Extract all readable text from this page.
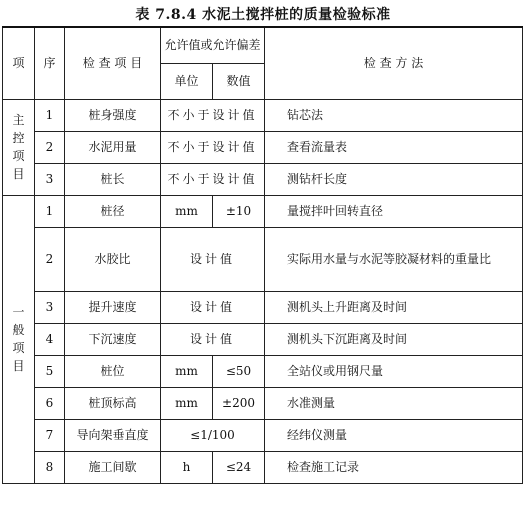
表 7.8.4 水泥土搅拌桩的质量检验标准
项	序	检 查 项 目	允许值或允许偏差		检 查 方 法
			单位	数值	
主控项目	1	桩身强度	不小于设计值		钻芯法
	2	水泥用量	不小于设计值		查看流量表
	3	桩长	不小于设计值		测钻杆长度
一般项目	1	桩径	mm	±10	量搅拌叶回转直径
	2	水胶比	设计值		实际用水量与水泥等胶凝材料的重量比
	3	提升速度	设计值		测机头上升距离及时间
	4	下沉速度	设计值		测机头下沉距离及时间
	5	桩位	mm	≤50	全站仪或用钢尺量
	6	桩顶标高	mm	±200	水准测量
	7	导向架垂直度	≤1/100		经纬仪测量
	8	施工间歇	h	≤24	检查施工记录
